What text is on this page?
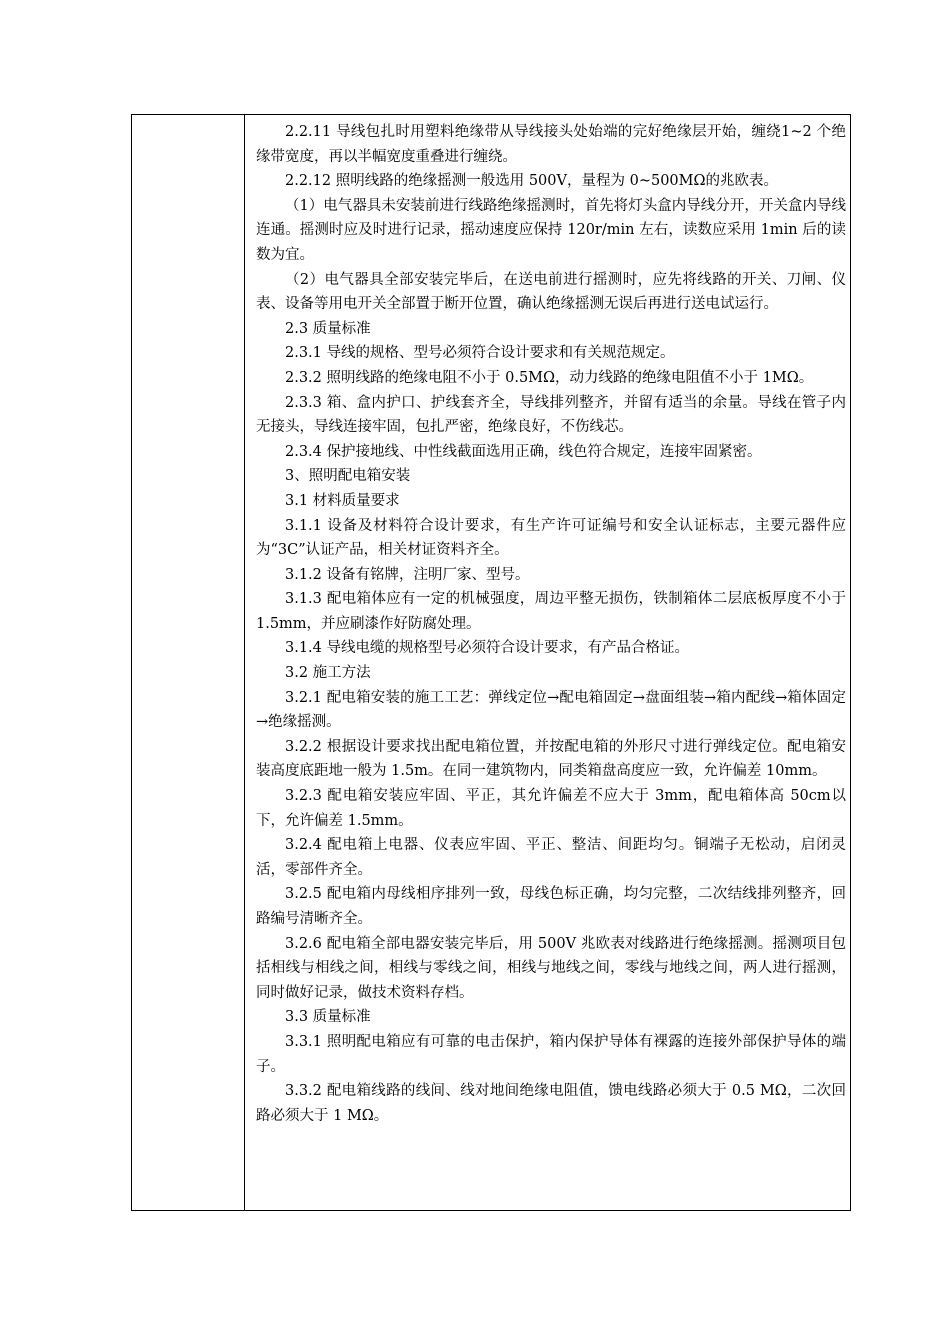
2.2.11 导线包扎时用塑料绝缘带从导线接头处始端的完好绝缘层开始，缠绕1~2 个绝缘带宽度，再以半幅宽度重叠进行缠绕。

2.2.12 照明线路的绝缘摇测一般选用 500V，量程为 0~500MΩ的兆欧表。

（1）电气器具未安装前进行线路绝缘摇测时，首先将灯头盒内导线分开，开关盒内导线连通。摇测时应及时进行记录，摇动速度应保持 120r/min 左右，读数应采用 1min 后的读数为宜。

（2）电气器具全部安装完毕后，在送电前进行摇测时，应先将线路的开关、刀闸、仪表、设备等用电开关全部置于断开位置，确认绝缘摇测无误后再进行送电试运行。

2.3 质量标准

2.3.1 导线的规格、型号必须符合设计要求和有关规范规定。

2.3.2 照明线路的绝缘电阻不小于 0.5MΩ，动力线路的绝缘电阻值不小于 1MΩ。

2.3.3 箱、盒内护口、护线套齐全，导线排列整齐，并留有适当的余量。导线在管子内无接头，导线连接牢固，包扎严密，绝缘良好，不伤线芯。

2.3.4 保护接地线、中性线截面选用正确，线色符合规定，连接牢固紧密。

3、照明配电箱安装

3.1 材料质量要求

3.1.1 设备及材料符合设计要求，有生产许可证编号和安全认证标志，主要元器件应为“3C”认证产品，相关材证资料齐全。

3.1.2 设备有铭牌，注明厂家、型号。

3.1.3 配电箱体应有一定的机械强度，周边平整无损伤，铁制箱体二层底板厚度不小于 1.5mm，并应刷漆作好防腐处理。

3.1.4 导线电缆的规格型号必须符合设计要求，有产品合格证。

3.2 施工方法

3.2.1 配电箱安装的施工工艺：弹线定位→配电箱固定→盘面组装→箱内配线→箱体固定→绝缘摇测。

3.2.2 根据设计要求找出配电箱位置，并按配电箱的外形尺寸进行弹线定位。配电箱安装高度底距地一般为 1.5m。在同一建筑物内，同类箱盘高度应一致，允许偏差 10mm。

3.2.3 配电箱安装应牢固、平正，其允许偏差不应大于 3mm，配电箱体高 50cm以下，允许偏差 1.5mm。

3.2.4 配电箱上电器、仪表应牢固、平正、整洁、间距均匀。铜端子无松动，启闭灵活，零部件齐全。

3.2.5 配电箱内母线相序排列一致，母线色标正确，均匀完整，二次结线排列整齐，回路编号清晰齐全。

3.2.6 配电箱全部电器安装完毕后，用 500V 兆欧表对线路进行绝缘摇测。摇测项目包括相线与相线之间，相线与零线之间，相线与地线之间，零线与地线之间，两人进行摇测，同时做好记录，做技术资料存档。

3.3 质量标准

3.3.1 照明配电箱应有可靠的电击保护，箱内保护导体有裸露的连接外部保护导体的端子。

3.3.2 配电箱线路的线间、线对地间绝缘电阻值，馈电线路必须大于 0.5 MΩ，二次回路必须大于 1 MΩ。
